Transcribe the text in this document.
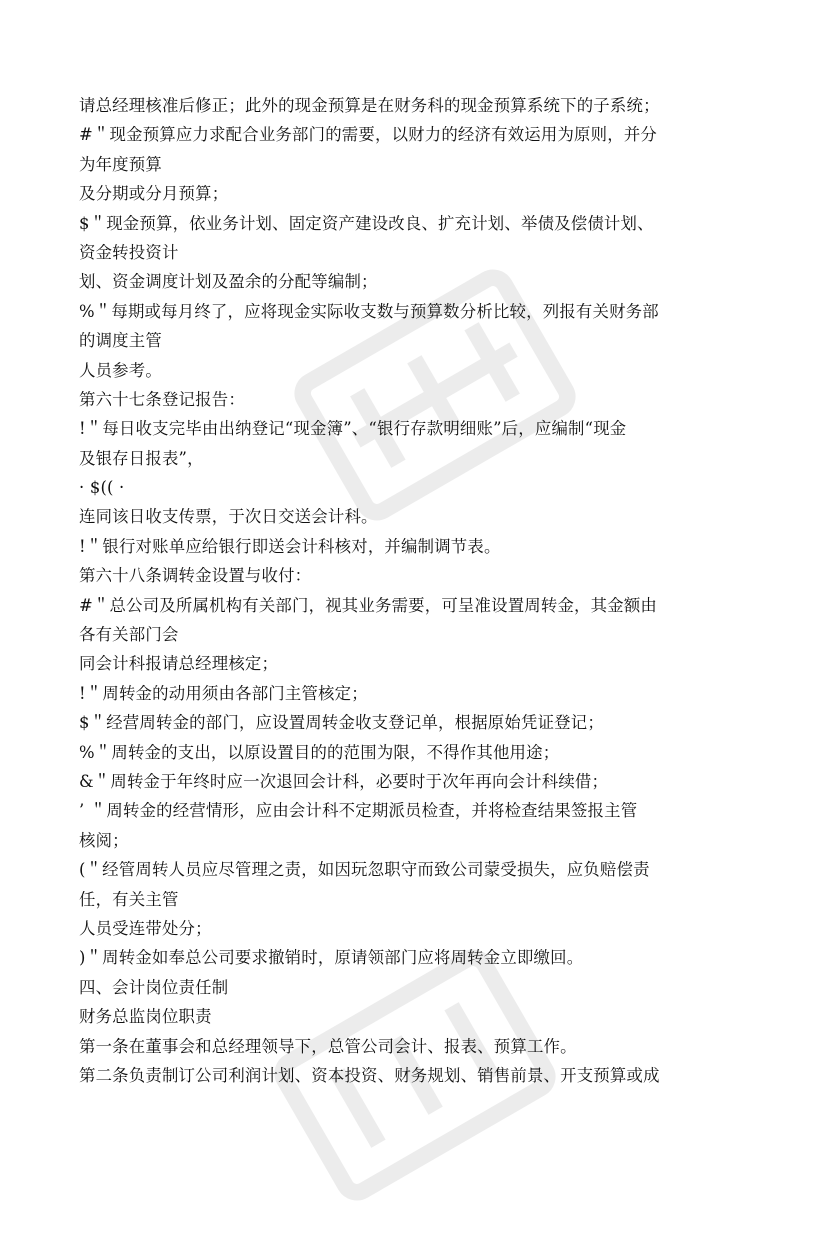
请总经理核准后修正；此外的现金预算是在财务科的现金预算系统下的子系统；
#＂现金预算应力求配合业务部门的需要，以财力的经济有效运用为原则，并分
为年度预算
及分期或分月预算；
$＂现金预算，依业务计划、固定资产建设改良、扩充计划、举债及偿债计划、
资金转投资计
划、资金调度计划及盈余的分配等编制；
%＂每期或每月终了，应将现金实际收支数与预算数分析比较，列报有关财务部
的调度主管
人员参考。
第六十七条登记报告：
!＂每日收支完毕由出纳登记“现金簿”、“银行存款明细账”后，应编制“现金
及银存日报表”，
· $(( ·
连同该日收支传票，于次日交送会计科。
!＂银行对账单应给银行即送会计科核对，并编制调节表。
第六十八条调转金设置与收付：
#＂总公司及所属机构有关部门，视其业务需要，可呈准设置周转金，其金额由
各有关部门会
同会计科报请总经理核定；
!＂周转金的动用须由各部门主管核定；
$＂经营周转金的部门，应设置周转金收支登记单，根据原始凭证登记；
%＂周转金的支出，以原设置目的的范围为限，不得作其他用途；
&＂周转金于年终时应一次退回会计科，必要时于次年再向会计科续借；
’ ＂周转金的经营情形，应由会计科不定期派员检查，并将检查结果签报主管
核阅；
(＂经管周转人员应尽管理之责，如因玩忽职守而致公司蒙受损失，应负赔偿责
任，有关主管
人员受连带处分；
)＂周转金如奉总公司要求撤销时，原请领部门应将周转金立即缴回。
四、会计岗位责任制
财务总监岗位职责
第一条在董事会和总经理领导下，总管公司会计、报表、预算工作。
第二条负责制订公司利润计划、资本投资、财务规划、销售前景、开支预算或成
